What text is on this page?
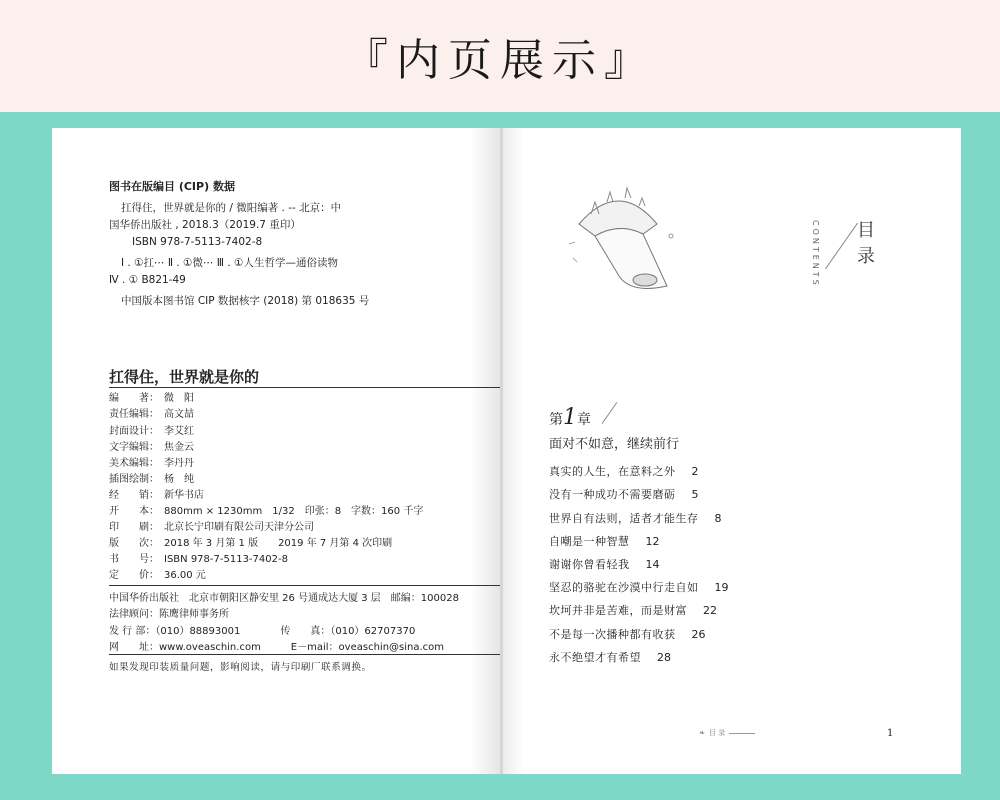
『内页展示』
图书在版编目 (CIP) 数据
扛得住，世界就是你的 / 微阳编著 . -- 北京：中
国华侨出版社 , 2018.3（2019.7 重印）
ISBN 978-7-5113-7402-8
Ⅰ . ①扛⋯ Ⅱ . ①微⋯ Ⅲ . ①人生哲学—通俗读物
Ⅳ . ① B821-49
中国版本图书馆 CIP 数据核字 (2018) 第 018635 号
扛得住，世界就是你的
编　　著： 微　阳
责任编辑： 高文喆
封面设计： 李艾红
文字编辑： 焦金云
美术编辑： 李丹丹
插图绘制： 杨　纯
经　　销： 新华书店
开　　本： 880mm × 1230mm　1/32　印张：8　字数：160 千字
印　　刷： 北京长宁印刷有限公司天津分公司
版　　次： 2018 年 3 月第 1 版　　2019 年 7 月第 4 次印刷
书　　号： ISBN 978-7-5113-7402-8
定　　价： 36.00 元
中国华侨出版社　北京市朝阳区静安里 26 号通成达大厦 3 层　邮编：100028
法律顾问：陈鹰律师事务所
发 行 部：（010）88893001　　　　传　　真：（010）62707370
网　　址：www.oveaschin.com　　　E－mail：oveaschin@sina.com
如果发现印装质量问题，影响阅读，请与印刷厂联系调换。
CONTENTS 目
录
第1章
面对不如意，继续前行
真实的人生，在意料之外 2
没有一种成功不需要磨砺 5
世界自有法则，适者才能生存 8
自嘲是一种智慧 12
谢谢你曾看轻我 14
坚忍的骆驼在沙漠中行走自如 19
坎坷并非是苦难，而是财富 22
不是每一次播种都有收获 26
永不绝望才有希望 28
❧ 目 录	1
